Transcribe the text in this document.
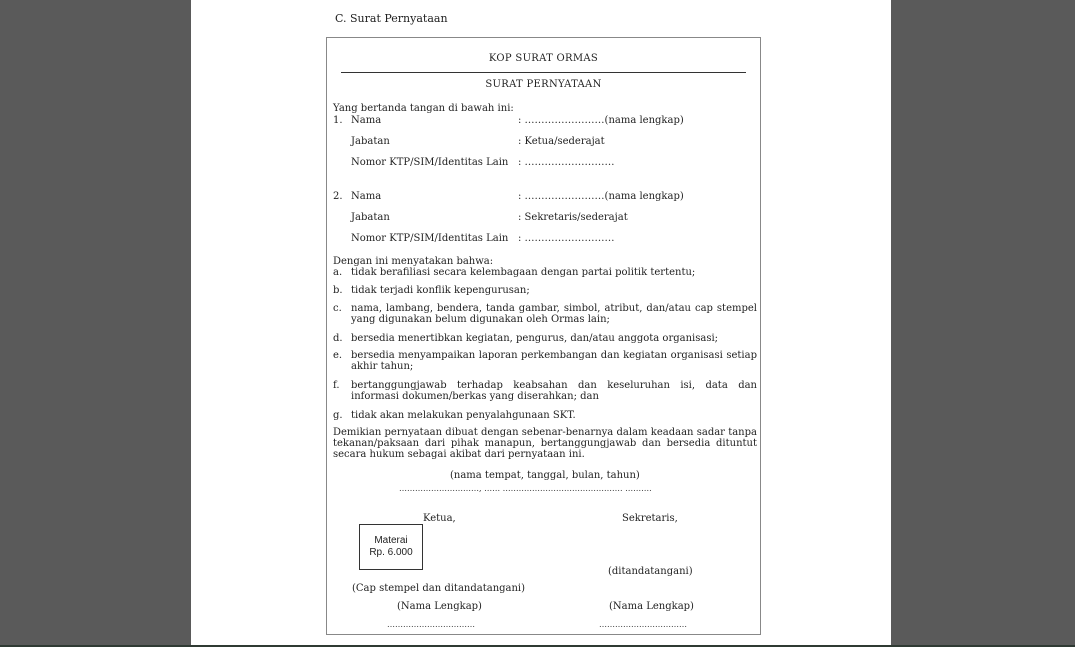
C. Surat Pernyataan
KOP SURAT ORMAS
SURAT PERNYATAAN
Yang bertanda tangan di bawah ini:
1. Nama	: ……………………(nama lengkap)
Jabatan	: Ketua/sederajat
Nomor KTP/SIM/Identitas Lain : ………………………
2. Nama	: ……………………(nama lengkap)
Jabatan	: Sekretaris/sederajat
Nomor KTP/SIM/Identitas Lain : ………………………
Dengan ini menyatakan bahwa:
a. tidak berafiliasi secara kelembagaan dengan partai politik tertentu;
b. tidak terjadi konflik kepengurusan;
c. nama, lambang, bendera, tanda gambar, simbol, atribut, dan/atau cap stempel yang digunakan belum digunakan oleh Ormas lain;
d. bersedia menertibkan kegiatan, pengurus, dan/atau anggota organisasi;
e. bersedia menyampaikan laporan perkembangan dan kegiatan organisasi setiap akhir tahun;
f. bertanggungjawab terhadap keabsahan dan keseluruhan isi, data dan informasi dokumen/berkas yang diserahkan; dan
g. tidak akan melakukan penyalahgunaan SKT.
Demikian pernyataan dibuat dengan sebenar-benarnya dalam keadaan sadar tanpa tekanan/paksaan dari pihak manapun, bertanggungjawab dan bersedia dituntut secara hukum sebagai akibat dari pernyataan ini.
(nama tempat, tanggal, bulan, tahun)
…………………………, …… ……………………………………… ……….
Ketua,	Sekretaris,
Materai
Rp. 6.000
(ditandatangani)
(Cap stempel dan ditandatangani)
(Nama Lengkap)	(Nama Lengkap)
……………………………	……………………………
